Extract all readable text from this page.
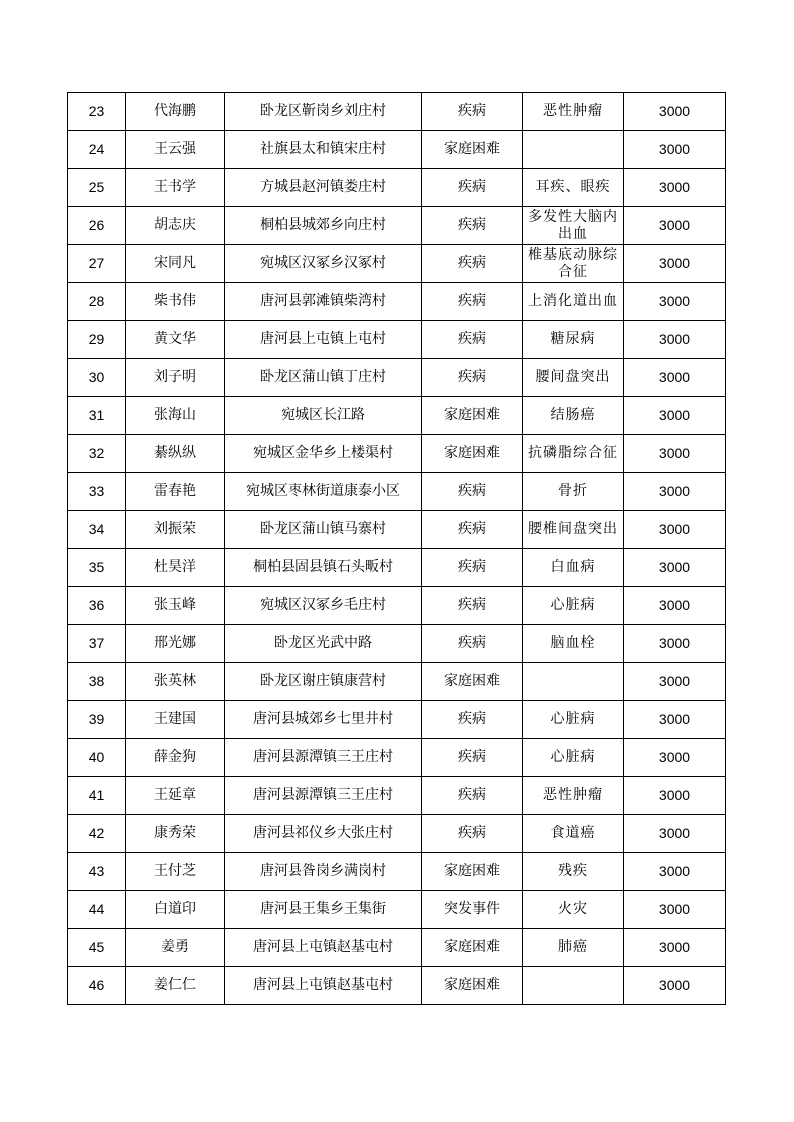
23	代海鹏	卧龙区靳岗乡刘庄村	疾病	恶性肿瘤	3000
24	王云强	社旗县太和镇宋庄村	家庭困难		3000
25	王书学	方城县赵河镇娄庄村	疾病	耳疾、眼疾	3000
26	胡志庆	桐柏县城郊乡向庄村	疾病	多发性大脑内出血	3000
27	宋同凡	宛城区汉冢乡汉冢村	疾病	椎基底动脉综合征	3000
28	柴书伟	唐河县郭滩镇柴湾村	疾病	上消化道出血	3000
29	黄文华	唐河县上屯镇上屯村	疾病	糖尿病	3000
30	刘子明	卧龙区蒲山镇丁庄村	疾病	腰间盘突出	3000
31	张海山	宛城区长江路	家庭困难	结肠癌	3000
32	綦纵纵	宛城区金华乡上楼渠村	家庭困难	抗磷脂综合征	3000
33	雷春艳	宛城区枣林街道康泰小区	疾病	骨折	3000
34	刘振荣	卧龙区蒲山镇马寨村	疾病	腰椎间盘突出	3000
35	杜昊洋	桐柏县固县镇石头畈村	疾病	白血病	3000
36	张玉峰	宛城区汉冢乡毛庄村	疾病	心脏病	3000
37	邢光娜	卧龙区光武中路	疾病	脑血栓	3000
38	张英林	卧龙区谢庄镇康营村	家庭困难		3000
39	王建国	唐河县城郊乡七里井村	疾病	心脏病	3000
40	薛金狗	唐河县源潭镇三王庄村	疾病	心脏病	3000
41	王延章	唐河县源潭镇三王庄村	疾病	恶性肿瘤	3000
42	康秀荣	唐河县祁仪乡大张庄村	疾病	食道癌	3000
43	王付芝	唐河县昝岗乡满岗村	家庭困难	残疾	3000
44	白道印	唐河县王集乡王集街	突发事件	火灾	3000
45	姜勇	唐河县上屯镇赵基屯村	家庭困难	肺癌	3000
46	姜仁仁	唐河县上屯镇赵基屯村	家庭困难		3000
